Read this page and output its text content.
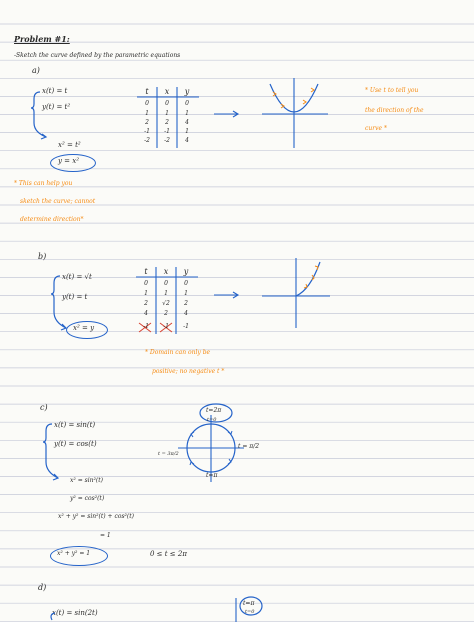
Problem #1:
-Sketch the curve defined by the parametric equations
a)
x(t) = t
y(t) = t²
x² = t²
y = x²
* This can help you
sketch the curve; cannot
determine direction*
t	x	y
0	0	0
1	1	1
2	2	4
-1	-1	1
-2	-2	4
* Use t to tell you
the direction of the
curve *
b)
x(t) = √t
y(t) = t
x² = y
t	x	y
0	0	0
1	1	1
2	√2	2
4	2	4
-1	-1	-1
* Domain can only be
positive; no negative t *
c)
x(t) = sin(t)
y(t) = cos(t)
x² = sin²(t)
y² = cos²(t)
x² + y² = sin²(t) + cos²(t)
= 1
x² + y² = 1	0 ≤ t ≤ 2π
t=2π
t=0
t = 3π/2
t = π/2
t=π
d)
x(t) = sin(2t)
t=π
t=0
